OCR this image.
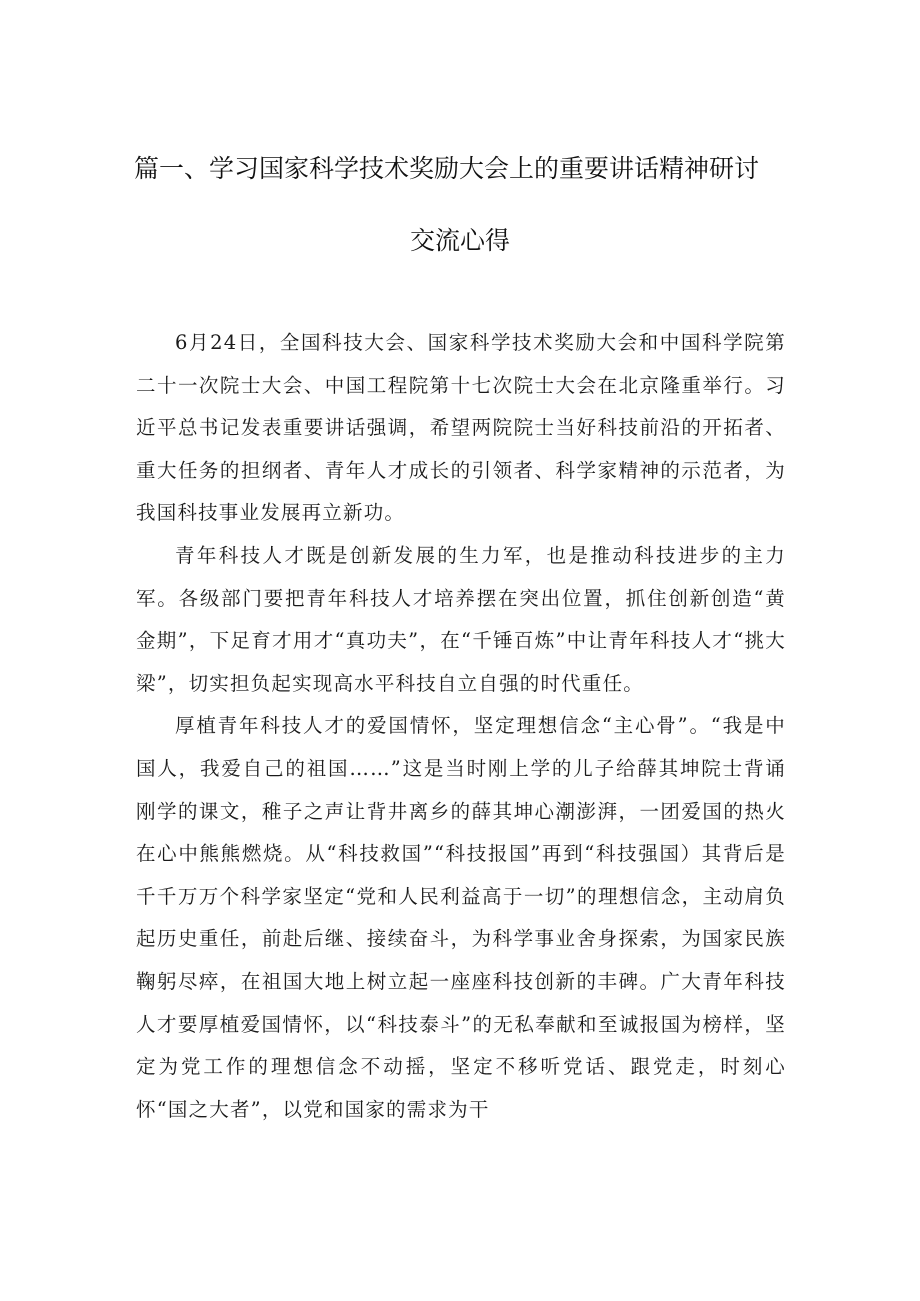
篇一、学习国家科学技术奖励大会上的重要讲话精神研讨
交流心得

6月24日，全国科技大会、国家科学技术奖励大会和中国科学院第二十一次院士大会、中国工程院第十七次院士大会在北京隆重举行。习近平总书记发表重要讲话强调，希望两院院士当好科技前沿的开拓者、重大任务的担纲者、青年人才成长的引领者、科学家精神的示范者，为我国科技事业发展再立新功。

青年科技人才既是创新发展的生力军，也是推动科技进步的主力军。各级部门要把青年科技人才培养摆在突出位置，抓住创新创造“黄金期”，下足育才用才“真功夫”，在“千锤百炼”中让青年科技人才“挑大梁”，切实担负起实现高水平科技自立自强的时代重任。

厚植青年科技人才的爱国情怀，坚定理想信念“主心骨”。“我是中国人，我爱自己的祖国……”这是当时刚上学的儿子给薛其坤院士背诵刚学的课文，稚子之声让背井离乡的薛其坤心潮澎湃，一团爱国的热火在心中熊熊燃烧。从“科技救国”“科技报国”再到“科技强国）其背后是千千万万个科学家坚定“党和人民利益高于一切”的理想信念，主动肩负起历史重任，前赴后继、接续奋斗，为科学事业舍身探索，为国家民族鞠躬尽瘁，在祖国大地上树立起一座座科技创新的丰碑。广大青年科技人才要厚植爱国情怀，以“科技泰斗”的无私奉献和至诚报国为榜样，坚定为党工作的理想信念不动摇，坚定不移听党话、跟党走，时刻心怀“国之大者”，以党和国家的需求为干
